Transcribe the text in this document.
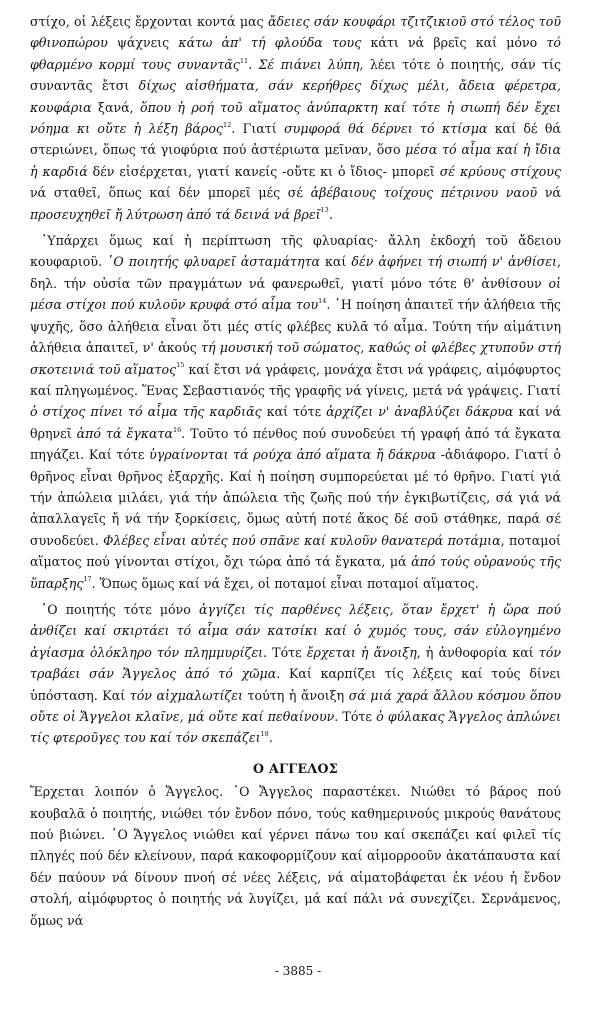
στίχο, οἱ λέξεις ἔρχονται κοντά μας ἄδειες σάν κουφάρι τζιτζικιοῦ στό τέλος τοῦ φθινοπώρου ψάχνεις κάτω ἀπ' τή φλούδα τους κάτι νά βρεῖς καί μόνο τό φθαρμένο κορμί τους συναντᾶς$^{11}$. Σέ πιάνει λύπη, λέει τότε ὁ ποιητής, σάν τίς συναντᾶς ἔτσι δίχως αἰσθήματα, σάν κερήθρες δίχως μέλι, ἄδεια φέρετρα, κουφάρια ξανά, ὅπου ἡ ροή τοῦ αἵματος ἀνύπαρκτη καί τότε ἡ σιωπή δέν ἔχει νόημα κι οὔτε ἡ λέξη βάρος$^{12}$. Γιατί συμφορά θά δέρνει τό κτίσμα καί δέ θά στεριώνει, ὅπως τά γιοφύρια πού ἀστέριωτα μεῖναν, ὅσο μέσα τό αἷμα καί ἡ ἴδια ἡ καρδιά δέν εἰσέρχεται, γιατί κανείς -οὔτε κι ὁ ἴδιος- μπορεῖ σέ κρύους στίχους νά σταθεῖ, ὅπως καί δέν μπορεῖ μές σέ ἀβέβαιους τοίχους πέτρινου ναοῦ νά προσευχηθεῖ ἤ λύτρωση ἀπό τά δεινά νά βρεῖ$^{13}$.

῾Υπάρχει ὅμως καί ἡ περίπτωση τῆς φλυαρίας· ἄλλη ἐκδοχή τοῦ ἄδειου κουφαριοῦ. ῾Ο ποιητής φλυαρεῖ ἀσταμάτητα καί δέν ἀφήνει τή σιωπή ν' ἀνθίσει, δηλ. τήν οὐσία τῶν πραγμάτων νά φανερωθεῖ, γιατί μόνο τότε θ' ἀνθίσουν οἱ μέσα στίχοι πού κυλοῦν κρυφά στό αἷμα του$^{14}$. ῾Η ποίηση ἀπαιτεῖ τήν ἀλήθεια τῆς ψυχῆς, ὅσο ἀλήθεια εἶναι ὅτι μές στίς φλέβες κυλᾶ τό αἷμα. Τούτη τήν αἱμάτινη ἀλήθεια ἀπαιτεῖ, ν' ἀκούς τή μουσική τοῦ σώματος, καθώς οἱ φλέβες χτυποῦν στή σκοτεινιά τοῦ αἵματος$^{15}$ καί ἔτσι νά γράφεις, μονάχα ἔτσι νά γράφεις, αἱμόφυρτος καί πληγωμένος. Ἕνας Σεβαστιανός τῆς γραφῆς νά γίνεις, μετά νά γράψεις. Γιατί ὁ στίχος πίνει τό αἷμα τῆς καρδιᾶς καί τότε ἀρχίζει ν' ἀναβλύζει δάκρυα καί νά θρηνεῖ ἀπό τά ἔγκατα$^{16}$. Τοῦτο τό πένθος πού συνοδεύει τή γραφή ἀπό τά ἔγκατα πηγάζει. Καί τότε ὑγραίνονται τά ρούχα ἀπό αἵματα ἤ δάκρυα -ἀδιάφορο. Γιατί ὁ θρῆνος εἶναι θρῆνος ἐξαρχῆς. Καί ἡ ποίηση συμπορεύεται μέ τό θρῆνο. Γιατί γιά τήν ἀπώλεια μιλάει, γιά τήν ἀπώλεια τῆς ζωῆς πού τήν ἐγκιβωτίζεις, σά γιά νά ἀπαλλαγεῖς ἤ νά τήν ξορκίσεις, ὅμως αὐτή ποτέ ἄκος δέ σοῦ στάθηκε, παρά σέ συνοδεύει. Φλέβες εἶναι αὐτές πού σπᾶνε καί κυλοῦν θανατερά ποτάμια, ποταμοί αἵματος πού γίνονται στίχοι, ὄχι τώρα ἀπό τά ἔγκατα, μά ἀπό τούς οὐρανούς τῆς ὕπαρξης$^{17}$. Ὅπως ὅμως καί νά ἔχει, οἱ ποταμοί εἶναι ποταμοί αἵματος.

῾Ο ποιητής τότε μόνο ἀγγίζει τίς παρθένες λέξεις, ὅταν ἔρχετ' ἡ ὥρα πού ἀνθίζει καί σκιρτάει τό αἷμα σάν κατσίκι καί ὁ χυμός τους, σάν εὐλογημένο ἁγίασμα ὁλόκληρο τόν πλημμυρίζει. Τότε ἔρχεται ἡ ἄνοιξη, ἡ ἀνθοφορία καί τόν τραβάει σάν Ἄγγελος ἀπό τό χῶμα. Καί καρπίζει τίς λέξεις καί τούς δίνει ὑπόσταση. Καί τόν αἰχμαλωτίζει τούτη ἡ ἄνοιξη σά μιά χαρά ἄλλου κόσμου ὅπου οὔτε οἱ Ἄγγελοι κλαῖνε, μά οὔτε καί πεθαίνουν. Τότε ὁ φύλακας Ἄγγελος ἁπλώνει τίς φτεροῦγες του καί τόν σκεπάζει$^{18}$.

Ο ΑΓΓΕΛΟΣ

Ἔρχεται λοιπόν ὁ Ἄγγελος. ῾Ο Ἄγγελος παραστέκει. Νιώθει τό βάρος πού κουβαλᾶ ὁ ποιητής, νιώθει τόν ἔνδον πόνο, τούς καθημερινούς μικρούς θανάτους πού βιώνει. ῾Ο Ἄγγελος νιώθει καί γέρνει πάνω του καί σκεπάζει καί φιλεῖ τίς πληγές πού δέν κλείνουν, παρά κακοφορμίζουν καί αἱμορροοῦν ἀκατάπαυστα καί δέν παύουν νά δίνουν πνοή σέ νέες λέξεις, νά αἱματοβάφεται ἐκ νέου ἡ ἔνδον στολή, αἱμόφυρτος ὁ ποιητής νά λυγίζει, μά καί πάλι νά συνεχίζει. Σερνάμενος, ὅμως νά

- 3885 -
